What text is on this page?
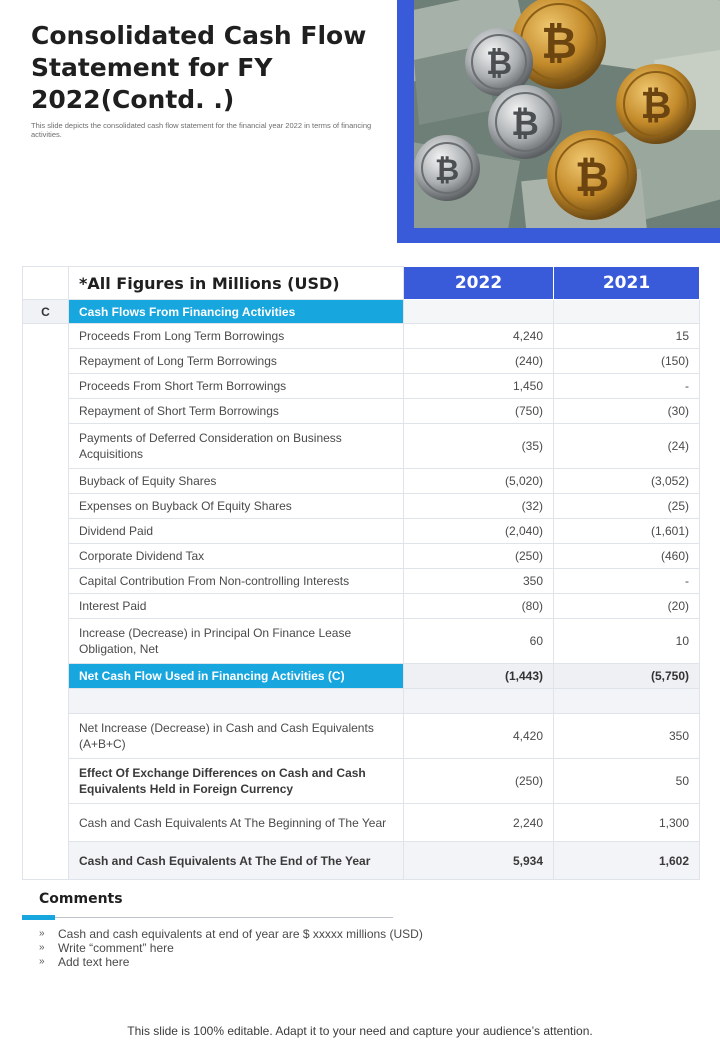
Consolidated Cash Flow Statement for FY 2022(Contd. .)

This slide depicts the consolidated cash flow statement for the financial year 2022 in terms of financing activities.

₿
₿
₿
₿
₿
₿
	*All Figures in Millions (USD)	2022	2021
C	Cash Flows From Financing Activities		
	Proceeds From Long Term Borrowings	4,240	15
	Repayment of Long Term Borrowings	(240)	(150)
	Proceeds From Short Term Borrowings	1,450	-
	Repayment of Short Term Borrowings	(750)	(30)
	Payments of Deferred Consideration on Business Acquisitions	(35)	(24)
	Buyback of Equity Shares	(5,020)	(3,052)
	Expenses on Buyback Of Equity Shares	(32)	(25)
	Dividend Paid	(2,040)	(1,601)
	Corporate Dividend Tax	(250)	(460)
	Capital Contribution From Non-controlling Interests	350	-
	Interest Paid	(80)	(20)
	Increase (Decrease) in Principal On Finance Lease Obligation, Net	60	10
	Net Cash Flow Used in Financing Activities (C)	(1,443)	(5,750)

	Net Increase (Decrease) in Cash and Cash Equivalents (A+B+C)	4,420	350
	Effect Of Exchange Differences on Cash and Cash Equivalents Held in Foreign Currency	(250)	50
	Cash and Cash Equivalents At The Beginning of The Year	2,240	1,300
	Cash and Cash Equivalents At The End of The Year	5,934	1,602
Comments
»	Cash and cash equivalents at end of year are $ xxxxx millions (USD)
»	Write “comment” here
»	Add text here
This slide is 100% editable. Adapt it to your need and capture your audience’s attention.
